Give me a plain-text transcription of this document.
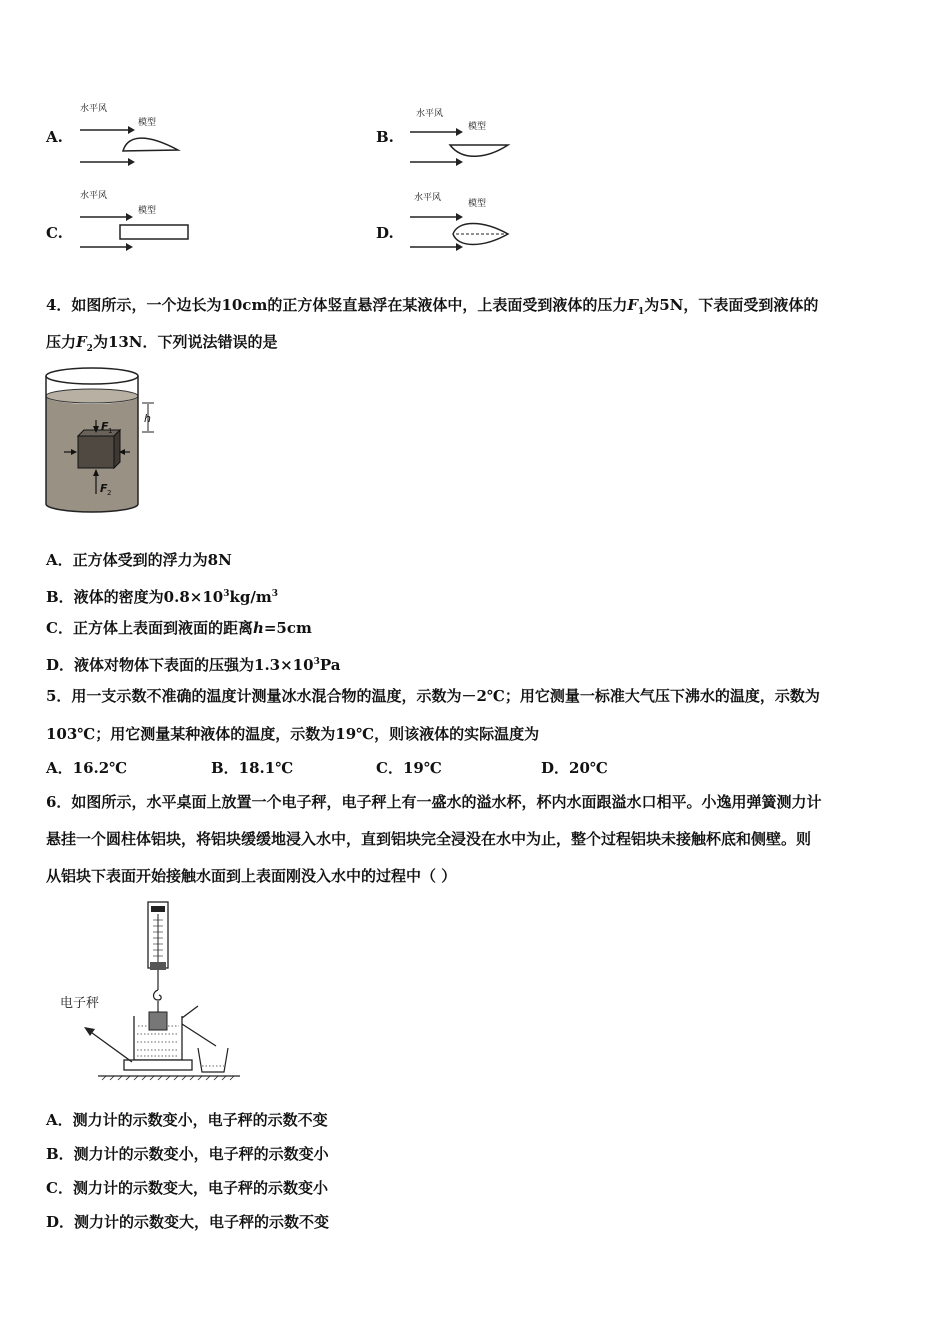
A.
水平风
模型
B.
水平风
模型
C.
水平风
模型
D.
水平风
模型
4．如图所示，一个边长为10cm的正方体竖直悬浮在某液体中，上表面受到液体的压力$F_1$为5N，下表面受到液体的
压力$F_2$为13N．下列说法错误的是
h
F 1
F 2
A．正方体受到的浮力为8N
B．液体的密度为$0.8\times 10^3kg/m^3$
C．正方体上表面到液面的距离h=5cm
D．液体对物体下表面的压强为$1.3\times 10^3Pa$
5．用一支示数不准确的温度计测量冰水混合物的温度，示数为－2℃；用它测量一标准大气压下沸水的温度，示数为
103℃；用它测量某种液体的温度，示数为19℃，则该液体的实际温度为
A．16.2℃	B．18.1℃	C．19℃	D．20℃
6．如图所示，水平桌面上放置一个电子秤，电子秤上有一盛水的溢水杯，杯内水面跟溢水口相平。小逸用弹簧测力计
悬挂一个圆柱体铝块，将铝块缓缓地浸入水中，直到铝块完全浸没在水中为止，整个过程铝块未接触杯底和侧壁。则
从铝块下表面开始接触水面到上表面刚没入水中的过程中（ ）
电子秤
A．测力计的示数变小，电子秤的示数不变
B．测力计的示数变小，电子秤的示数变小
C．测力计的示数变大，电子秤的示数变小
D．测力计的示数变大，电子秤的示数不变
